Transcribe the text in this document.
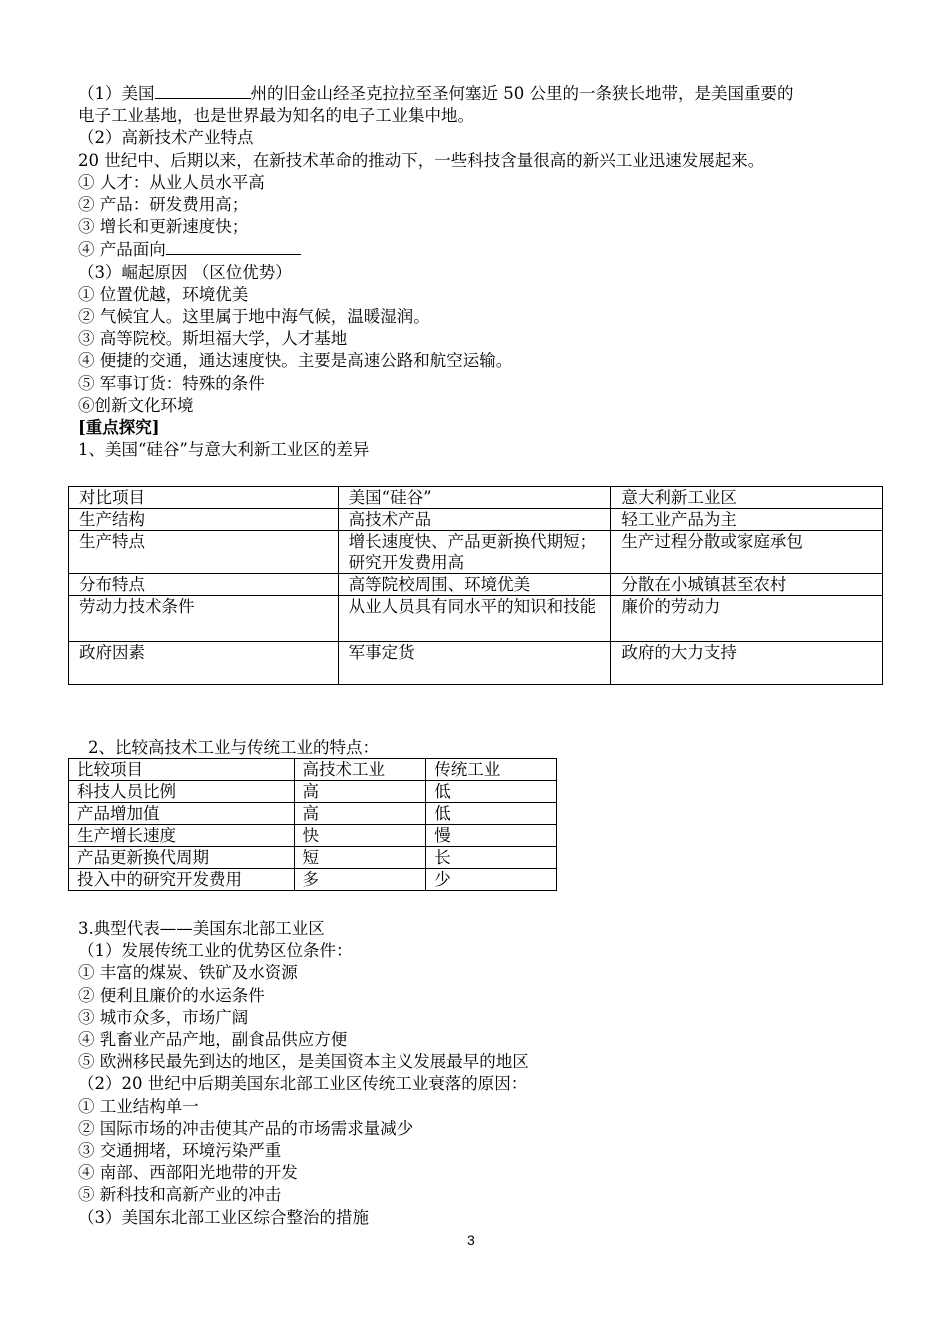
（1）美国	州的旧金山经圣克拉拉至圣何塞近 50 公里的一条狭长地带，是美国重要的
电子工业基地，也是世界最为知名的电子工业集中地。
（2）高新技术产业特点
20 世纪中、后期以来，在新技术革命的推动下，一些科技含量很高的新兴工业迅速发展起来。
① 人才：从业人员水平高
② 产品：研发费用高；
③ 增长和更新速度快；
④ 产品面向
（3）崛起原因 （区位优势）
① 位置优越，环境优美
② 气候宜人。这里属于地中海气候，温暖湿润。
③ 高等院校。斯坦福大学，人才基地
④ 便捷的交通，通达速度快。主要是高速公路和航空运输。
⑤ 军事订货：特殊的条件
⑥创新文化环境
[重点探究]
1、美国“硅谷”与意大利新工业区的差异
对比项目	美国“硅谷”	意大利新工业区
生产结构	高技术产品	轻工业产品为主
生产特点	增长速度快、产品更新换代期短；研究开发费用高	生产过程分散或家庭承包
分布特点	高等院校周围、环境优美	分散在小城镇甚至农村
劳动力技术条件	从业人员具有同水平的知识和技能	廉价的劳动力
政府因素	军事定货	政府的大力支持
2、比较高技术工业与传统工业的特点：
比较项目	高技术工业	传统工业
科技人员比例	高	低
产品增加值	高	低
生产增长速度	快	慢
产品更新换代周期	短	长
投入中的研究开发费用	多	少
3.典型代表——美国东北部工业区
（1）发展传统工业的优势区位条件：
① 丰富的煤炭、铁矿及水资源
② 便利且廉价的水运条件
③ 城市众多，市场广阔
④ 乳畜业产品产地，副食品供应方便
⑤ 欧洲移民最先到达的地区，是美国资本主义发展最早的地区
（2）20 世纪中后期美国东北部工业区传统工业衰落的原因：
① 工业结构单一
② 国际市场的冲击使其产品的市场需求量减少
③ 交通拥堵，环境污染严重
④ 南部、西部阳光地带的开发
⑤ 新科技和高新产业的冲击
（3）美国东北部工业区综合整治的措施
3
